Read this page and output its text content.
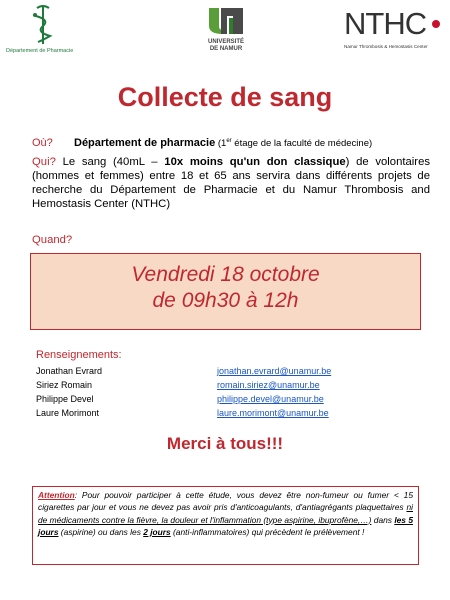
Département de Pharmacie
UNIVERSITÉ
DE NAMUR
NTHC
Namur Thrombosis & Hemostasis Center
Collecte de sang
Où? Département de pharmacie (1er étage de la faculté de médecine)

Qui? Le sang (40mL – 10x moins qu'un don classique) de volontaires (hommes et femmes) entre 18 et 65 ans servira dans différents projets de recherche du Département de Pharmacie et du Namur Thrombosis and Hemostasis Center (NTHC)

Quand?
Vendredi 18 octobre
de 09h30 à 12h
Renseignements:
Jonathan Evrard	jonathan.evrard@unamur.be
Siriez Romain	romain.siriez@unamur.be
Philippe Devel	philippe.devel@unamur.be
Laure Morimont	laure.morimont@unamur.be
Merci à tous!!!
Attention: Pour pouvoir participer à cette étude, vous devez être non-fumeur ou fumer < 15 cigarettes par jour et vous ne devez pas avoir pris d'anticoagulants, d'antiagrégants plaquettaires ni de médicaments contre la fièvre, la douleur et l'inflammation (type aspirine, ibuprofène,…) dans les 5 jours (aspirine) ou dans les 2 jours (anti-inflammatoires) qui précèdent le prélèvement !
